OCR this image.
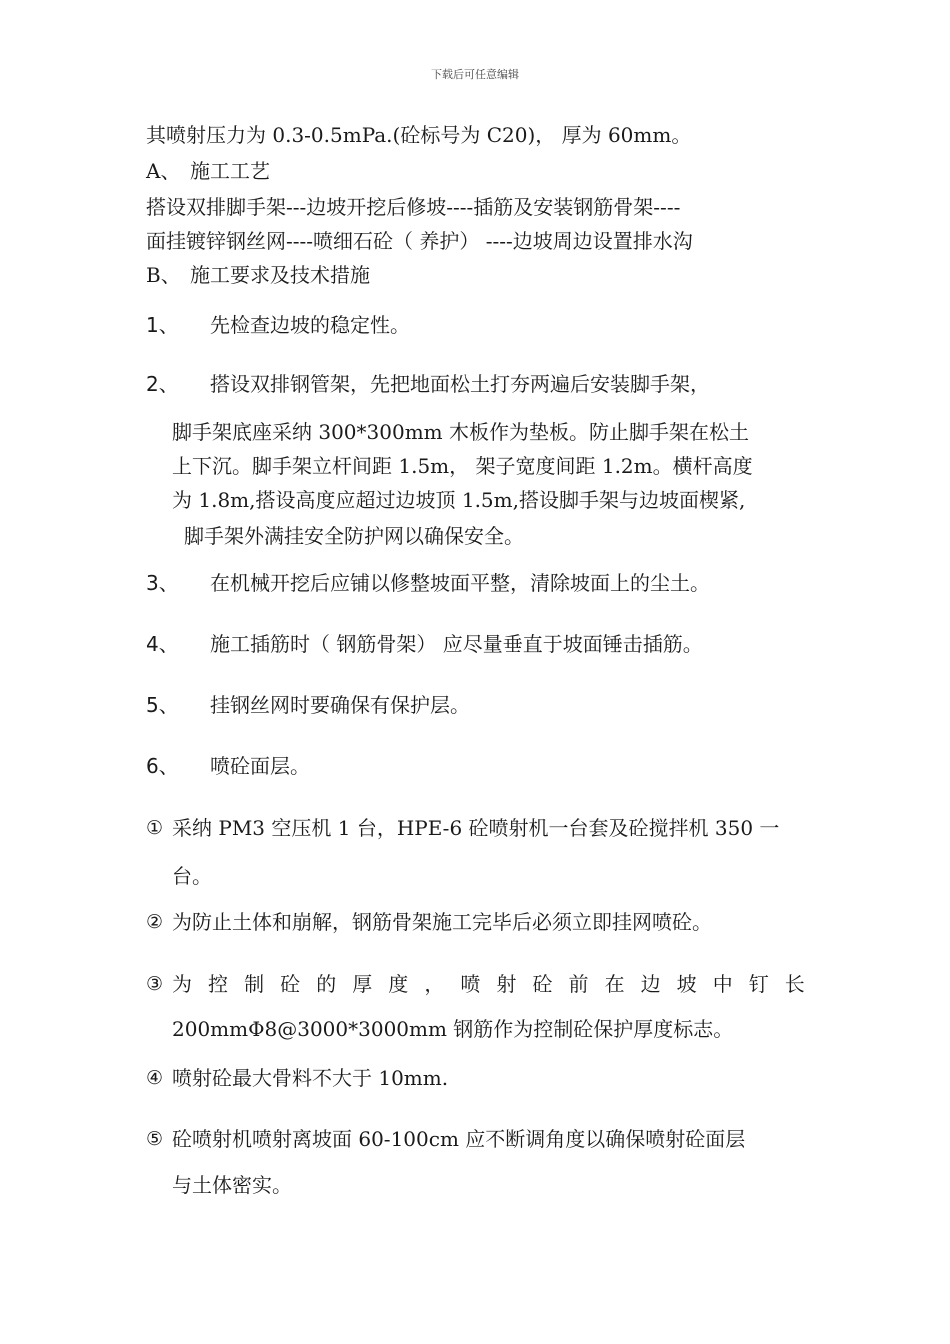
下载后可任意编辑
其喷射压力为 0.3-0.5mPa.(砼标号为 C20)， 厚为 60mm。
A、 施工工艺
搭设双排脚手架---边坡开挖后修坡----插筋及安装钢筋骨架----
面挂镀锌钢丝网----喷细石砼（ 养护） ----边坡周边设置排水沟
B、 施工要求及技术措施
1、 先检查边坡的稳定性。
2、 搭设双排钢管架，先把地面松土打夯两遍后安装脚手架，
脚手架底座采纳 300*300mm 木板作为垫板。防止脚手架在松土
上下沉。脚手架立杆间距 1.5m， 架子宽度间距 1.2m。横杆高度
为 1.8m,搭设高度应超过边坡顶 1.5m,搭设脚手架与边坡面楔紧,
脚手架外满挂安全防护网以确保安全。
3、 在机械开挖后应铺以修整坡面平整，清除坡面上的尘土。
4、 施工插筋时（ 钢筋骨架） 应尽量垂直于坡面锤击插筋。
5、 挂钢丝网时要确保有保护层。
6、 喷砼面层。
① 采纳 PM3 空压机 1 台，HPE-6 砼喷射机一台套及砼搅拌机 350 一
台。
② 为防止土体和崩解，钢筋骨架施工完毕后必须立即挂网喷砼。
③ 为 控 制 砼 的 厚 度 ， 喷 射 砼 前 在 边 坡 中 钉 长
200mmΦ8@3000*3000mm 钢筋作为控制砼保护厚度标志。
④ 喷射砼最大骨料不大于 10mm.
⑤ 砼喷射机喷射离坡面 60-100cm 应不断调角度以确保喷射砼面层
与土体密实。
